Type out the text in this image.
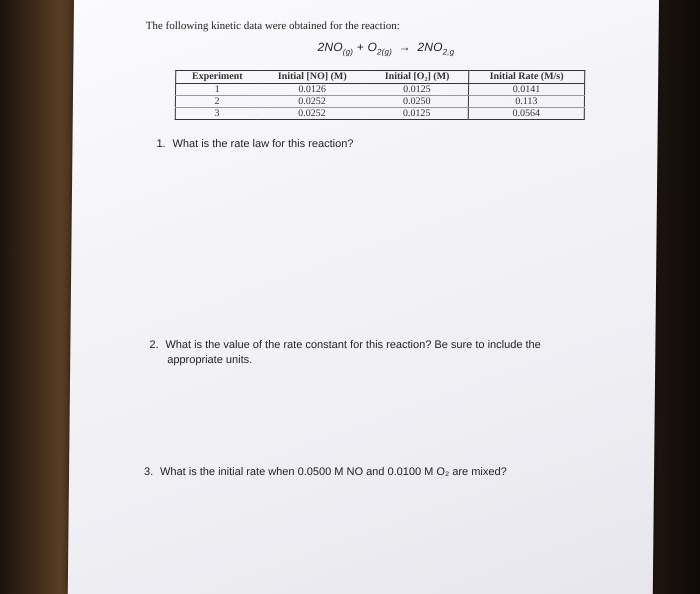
The following kinetic data were obtained for the reaction:
$2NO_{(g)} + O_{2(g)} \to 2NO_{2,g}$
Experiment	Initial [NO] (M)	Initial [O₂] (M)	Initial Rate (M/s)
1	0.0126	0.0125	0.0141
2	0.0252	0.0250	0.113
3	0.0252	0.0125	0.0564
1. What is the rate law for this reaction?
2. What is the value of the rate constant for this reaction? Be sure to include the
appropriate units.
3. What is the initial rate when 0.0500 M NO and 0.0100 M O₂ are mixed?
